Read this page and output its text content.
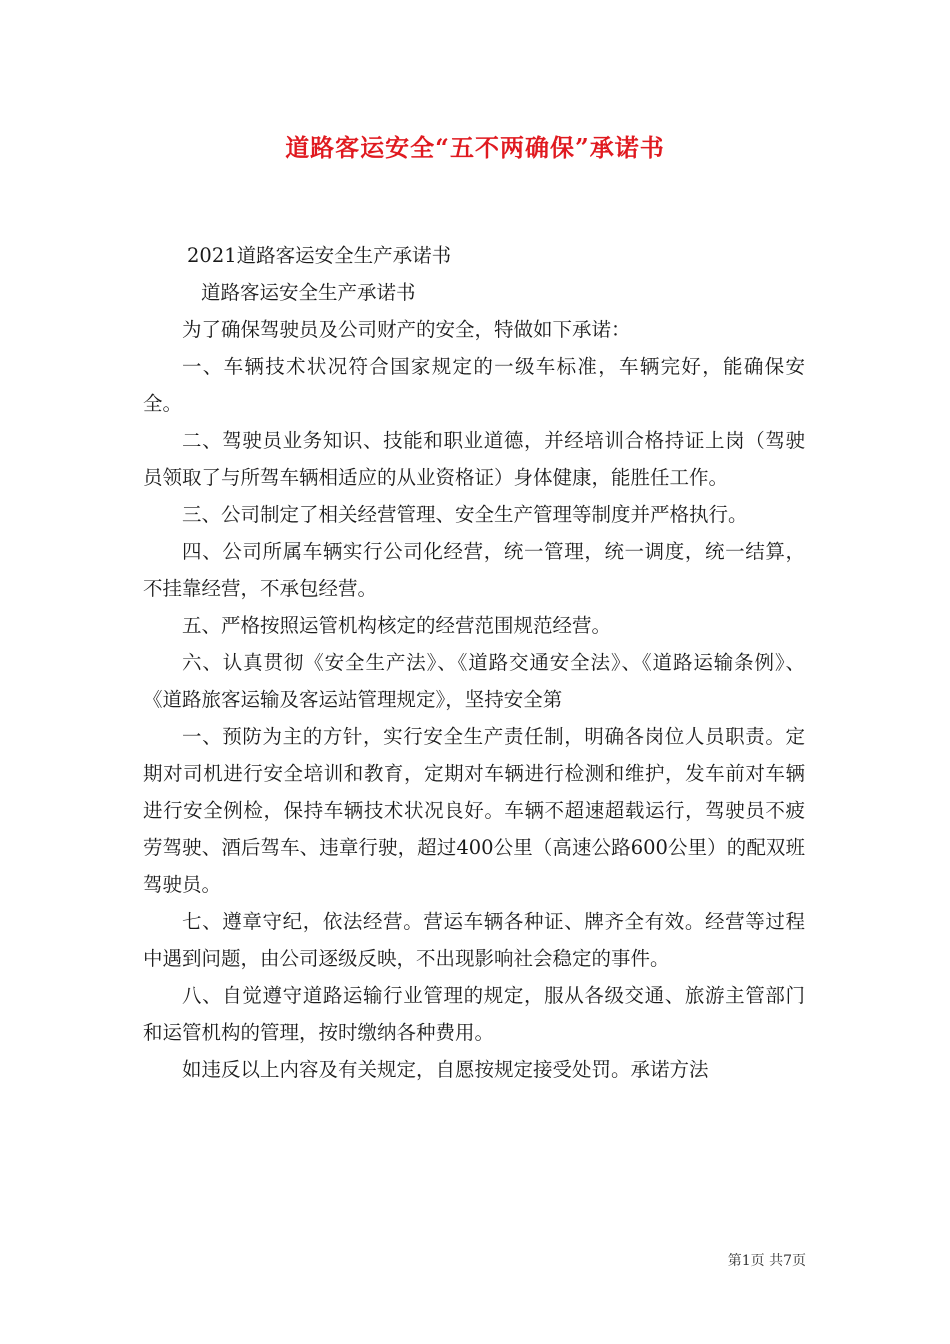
道路客运安全“五不两确保”承诺书

2021道路客运安全生产承诺书

道路客运安全生产承诺书

为了确保驾驶员及公司财产的安全，特做如下承诺：

一、车辆技术状况符合国家规定的一级车标准，车辆完好，能确保安全。

二、驾驶员业务知识、技能和职业道德，并经培训合格持证上岗（驾驶员领取了与所驾车辆相适应的从业资格证）身体健康，能胜任工作。

三、公司制定了相关经营管理、安全生产管理等制度并严格执行。

四、公司所属车辆实行公司化经营，统一管理，统一调度，统一结算，不挂靠经营，不承包经营。

五、严格按照运管机构核定的经营范围规范经营。

六、认真贯彻《安全生产法》、《道路交通安全法》、《道路运输条例》、《道路旅客运输及客运站管理规定》，坚持安全第

一、预防为主的方针，实行安全生产责任制，明确各岗位人员职责。定期对司机进行安全培训和教育，定期对车辆进行检测和维护，发车前对车辆进行安全例检，保持车辆技术状况良好。车辆不超速超载运行，驾驶员不疲劳驾驶、酒后驾车、违章行驶，超过400公里（高速公路600公里）的配双班驾驶员。

七、遵章守纪，依法经营。营运车辆各种证、牌齐全有效。经营等过程中遇到问题，由公司逐级反映，不出现影响社会稳定的事件。

八、自觉遵守道路运输行业管理的规定，服从各级交通、旅游主管部门和运管机构的管理，按时缴纳各种费用。

如违反以上内容及有关规定，自愿按规定接受处罚。承诺方法

第1页 共7页
